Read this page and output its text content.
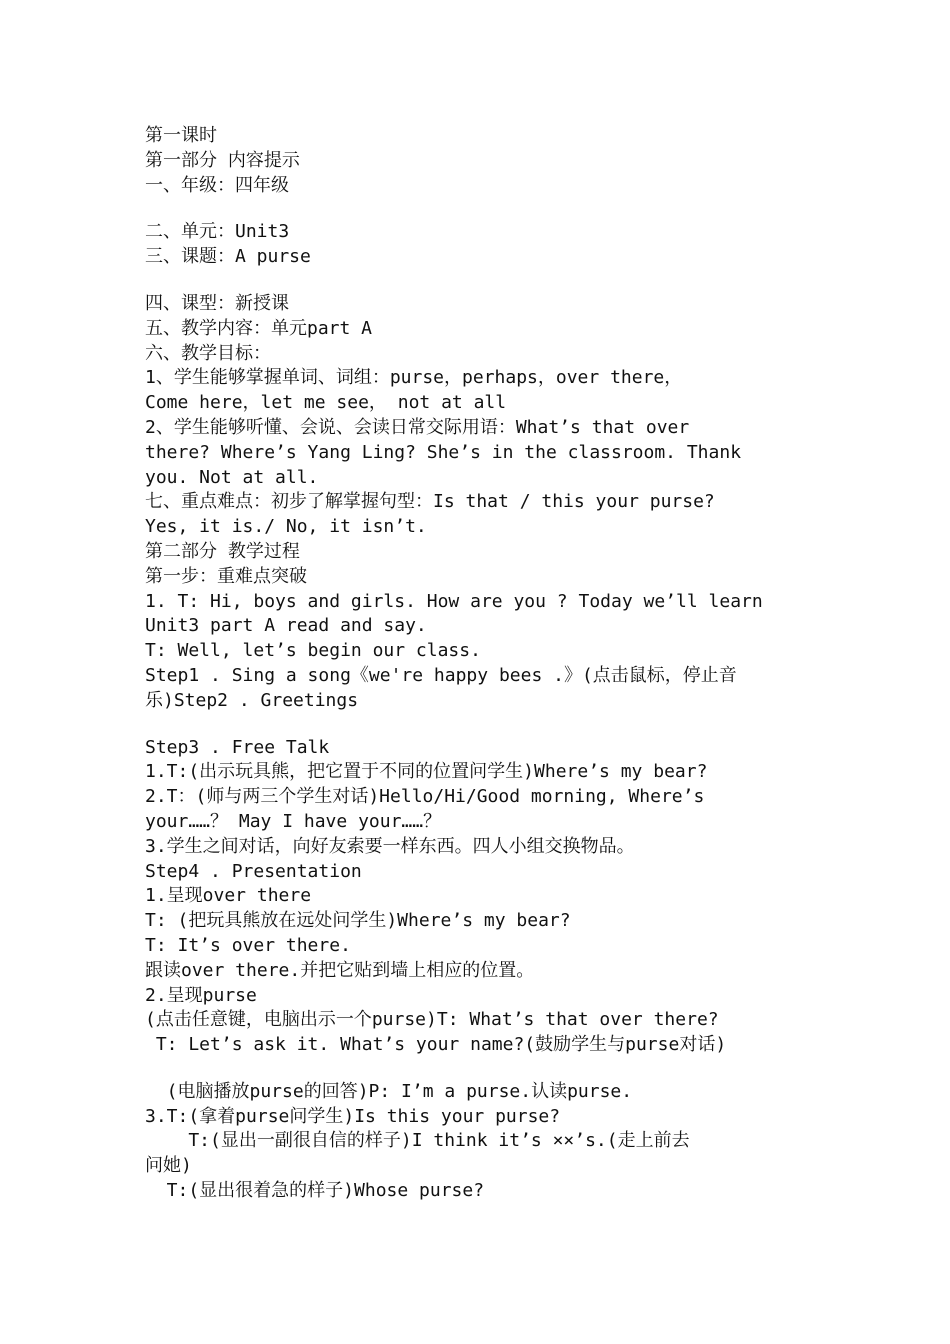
第一课时
第一部分 内容提示
一、年级：四年级
二、单元：Unit3
三、课题：A purse
四、课型：新授课
五、教学内容：单元part A
六、教学目标：
1、学生能够掌握单词、词组：purse，perhaps，over there，
Come here，let me see， not at all
2、学生能够听懂、会说、会读日常交际用语：What’s that over
there? Where’s Yang Ling? She’s in the classroom. Thank
you. Not at all.
七、重点难点：初步了解掌握句型：Is that / this your purse?
Yes, it is./ No, it isn’t.
第二部分 教学过程
第一步：重难点突破
1. T: Hi, boys and girls. How are you ? Today we’ll learn
Unit3 part A read and say.
T: Well, let’s begin our class.
Step1 . Sing a song《we're happy bees .》(点击鼠标，停止音
乐)Step2 . Greetings
Step3 . Free Talk
1.T:(出示玩具熊，把它置于不同的位置问学生)Where’s my bear?
2.T：(师与两三个学生对话)Hello/Hi/Good morning, Where’s
your……？ May I have your……？
3.学生之间对话，向好友索要一样东西。四人小组交换物品。
Step4 . Presentation
1.呈现over there
T: (把玩具熊放在远处问学生)Where’s my bear?
T: It’s over there.
跟读over there.并把它贴到墙上相应的位置。
2.呈现purse
(点击任意键，电脑出示一个purse)T: What’s that over there?
T: Let’s ask it. What’s your name?(鼓励学生与purse对话)
(电脑播放purse的回答)P: I’m a purse.认读purse.
3.T:(拿着purse问学生)Is this your purse?
T:(显出一副很自信的样子)I think it’s ××’s.(走上前去
问她)
T:(显出很着急的样子)Whose purse?
